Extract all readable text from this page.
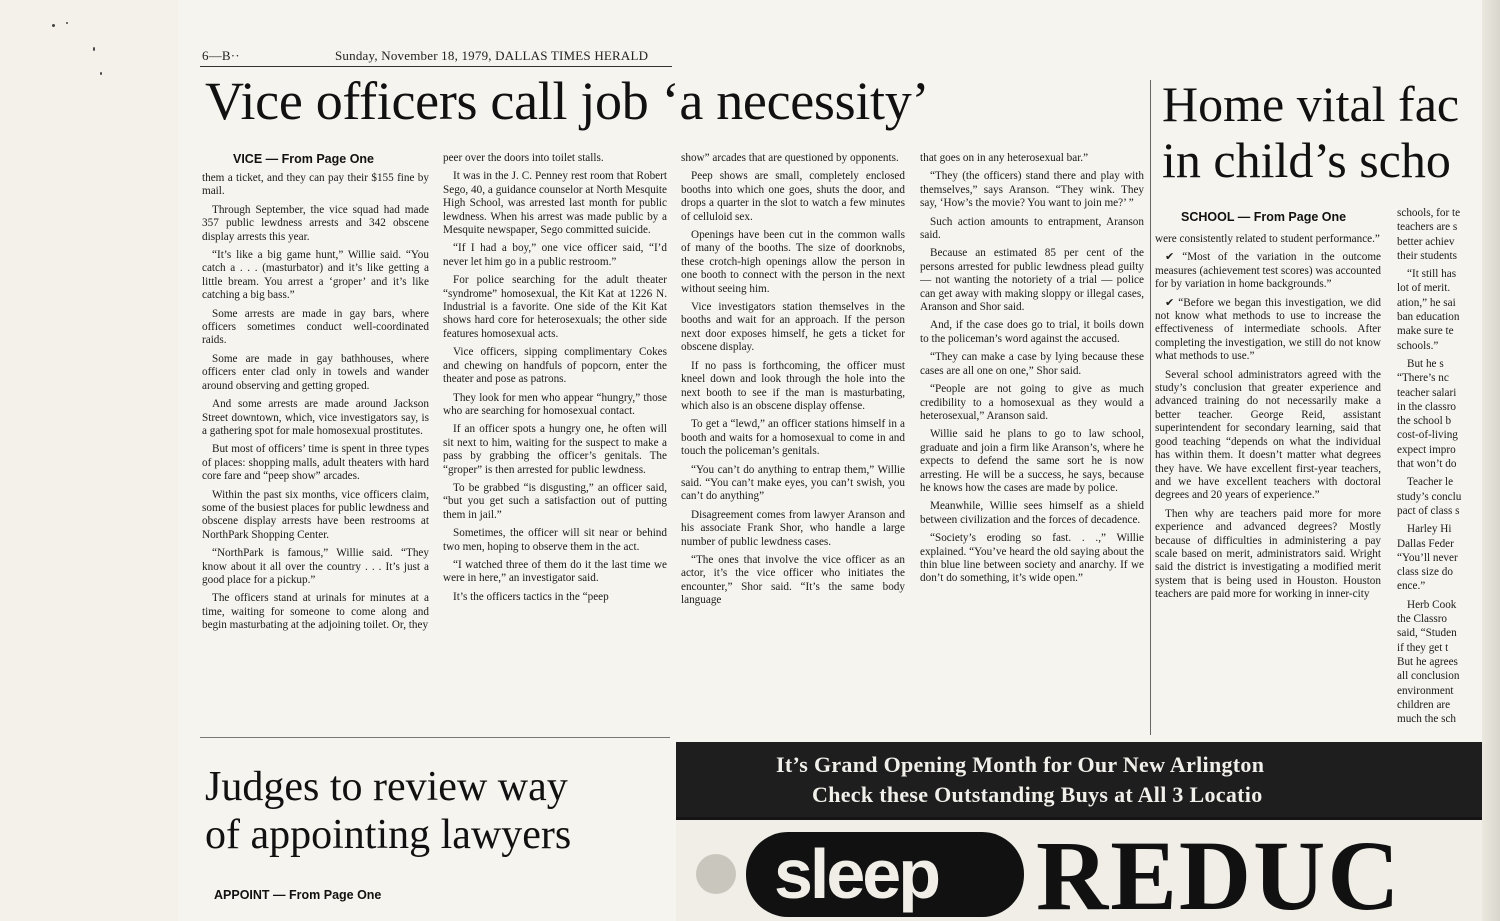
6—B··	Sunday, November 18, 1979, DALLAS TIMES HERALD
Vice officers call job ‘a necessity’
VICE — From Page One

them a ticket, and they can pay their $155 fine by mail.

Through September, the vice squad had made 357 public lewdness arrests and 342 obscene display arrests this year.

“It’s like a big game hunt,” Willie said. “You catch a . . . (masturbator) and it’s like getting a little bream. You arrest a ‘groper’ and it’s like catching a big bass.”

Some arrests are made in gay bars, where officers sometimes conduct well-coordinated raids.

Some are made in gay bathhouses, where officers enter clad only in towels and wander around observing and getting groped.

And some arrests are made around Jackson Street downtown, which, vice investigators say, is a gathering spot for male homosexual prostitutes.

But most of officers’ time is spent in three types of places: shopping malls, adult theaters with hard core fare and “peep show” arcades.

Within the past six months, vice officers claim, some of the busiest places for public lewdness and obscene display arrests have been restrooms at NorthPark Shopping Center.

“NorthPark is famous,” Willie said. “They know about it all over the country . . . It’s just a good place for a pickup.”

The officers stand at urinals for minutes at a time, waiting for someone to come along and begin masturbating at the adjoining toilet. Or, they

peer over the doors into toilet stalls.

It was in the J. C. Penney rest room that Robert Sego, 40, a guidance counselor at North Mesquite High School, was arrested last month for public lewdness. When his arrest was made public by a Mesquite newspaper, Sego committed suicide.

“If I had a boy,” one vice officer said, “I’d never let him go in a public restroom.”

For police searching for the adult theater “syndrome” homosexual, the Kit Kat at 1226 N. Industrial is a favorite. One side of the Kit Kat shows hard core for heterosexuals; the other side features homosexual acts.

Vice officers, sipping complimentary Cokes and chewing on handfuls of popcorn, enter the theater and pose as patrons.

They look for men who appear “hungry,” those who are searching for homosexual contact.

If an officer spots a hungry one, he often will sit next to him, waiting for the suspect to make a pass by grabbing the officer’s genitals. The “groper” is then arrested for public lewdness.

To be grabbed “is disgusting,” an officer said, “but you get such a satisfaction out of putting them in jail.”

Sometimes, the officer will sit near or behind two men, hoping to observe them in the act.

“I watched three of them do it the last time we were in here,” an investigator said.

It’s the officers tactics in the “peep

show” arcades that are questioned by opponents.

Peep shows are small, completely enclosed booths into which one goes, shuts the door, and drops a quarter in the slot to watch a few minutes of celluloid sex.

Openings have been cut in the common walls of many of the booths. The size of doorknobs, these crotch-high openings allow the person in one booth to connect with the person in the next without seeing him.

Vice investigators station themselves in the booths and wait for an approach. If the person next door exposes himself, he gets a ticket for obscene display.

If no pass is forthcoming, the officer must kneel down and look through the hole into the next booth to see if the man is masturbating, which also is an obscene display offense.

To get a “lewd,” an officer stations himself in a booth and waits for a homosexual to come in and touch the policeman’s genitals.

“You can’t do anything to entrap them,” Willie said. “You can’t make eyes, you can’t swish, you can’t do anything”

Disagreement comes from lawyer Aranson and his associate Frank Shor, who handle a large number of public lewdness cases.

“The ones that involve the vice officer as an actor, it’s the vice officer who initiates the encounter,” Shor said. “It’s the same body language

that goes on in any heterosexual bar.”

“They (the officers) stand there and play with themselves,” says Aranson. “They wink. They say, ‘How’s the movie? You want to join me?’ ”

Such action amounts to entrapment, Aranson said.

Because an estimated 85 per cent of the persons arrested for public lewdness plead guilty — not wanting the notoriety of a trial — police can get away with making sloppy or illegal cases, Aranson and Shor said.

And, if the case does go to trial, it boils down to the policeman’s word against the accused.

“They can make a case by lying because these cases are all one on one,” Shor said.

“People are not going to give as much credibility to a homosexual as they would a heterosexual,” Aranson said.

Willie said he plans to go to law school, graduate and join a firm like Aranson’s, where he expects to defend the same sort he is now arresting. He will be a success, he says, because he knows how the cases are made by police.

Meanwhile, Willie sees himself as a shield between civilization and the forces of decadence.

“Society’s eroding so fast. . .,” Willie explained. “You’ve heard the old saying about the thin blue line between society and anarchy. If we don’t do something, it’s wide open.”

Home vital fac
in child’s scho
SCHOOL — From Page One

were consistently related to student performance.”

✔ “Most of the variation in the outcome measures (achievement test scores) was accounted for by variation in home backgrounds.”

✔ “Before we began this investigation, we did not know what methods to use to increase the effectiveness of intermediate schools. After completing the investigation, we still do not know what methods to use.”

Several school administrators agreed with the study’s conclusion that greater experience and advanced training do not necessarily make a better teacher. George Reid, assistant superintendent for secondary learning, said that good teaching “depends on what the individual has within them. It doesn’t matter what degrees they have. We have excellent first-year teachers, and we have excellent teachers with doctoral degrees and 20 years of experience.”

Then why are teachers paid more for more experience and advanced degrees? Mostly because of difficulties in administering a pay scale based on merit, administrators said. Wright said the district is investigating a modified merit system that is being used in Houston. Houston teachers are paid more for working in inner-city

schools, for te
teachers are s
better achiev
their students
“It still has
lot of merit.
ation,” he sai
ban education
make sure te
schools.”
But he s
“There’s nc
teacher salari
in the classro
the school b
cost-of-living
expect impro
that won’t do
Teacher le
study’s conclu
pact of class s
Harley Hi
Dallas Feder
“You’ll never
class size do
ence.”
Herb Cook
the Classro
said, “Studen
if they get t
But he agrees
all conclusion
environment
children are
much the sch
Judges to review way
of appointing lawyers
APPOINT — From Page One
It’s Grand Opening Month for Our New Arlington
Check these Outstanding Buys at All 3 Locatio
sleep REDUC
